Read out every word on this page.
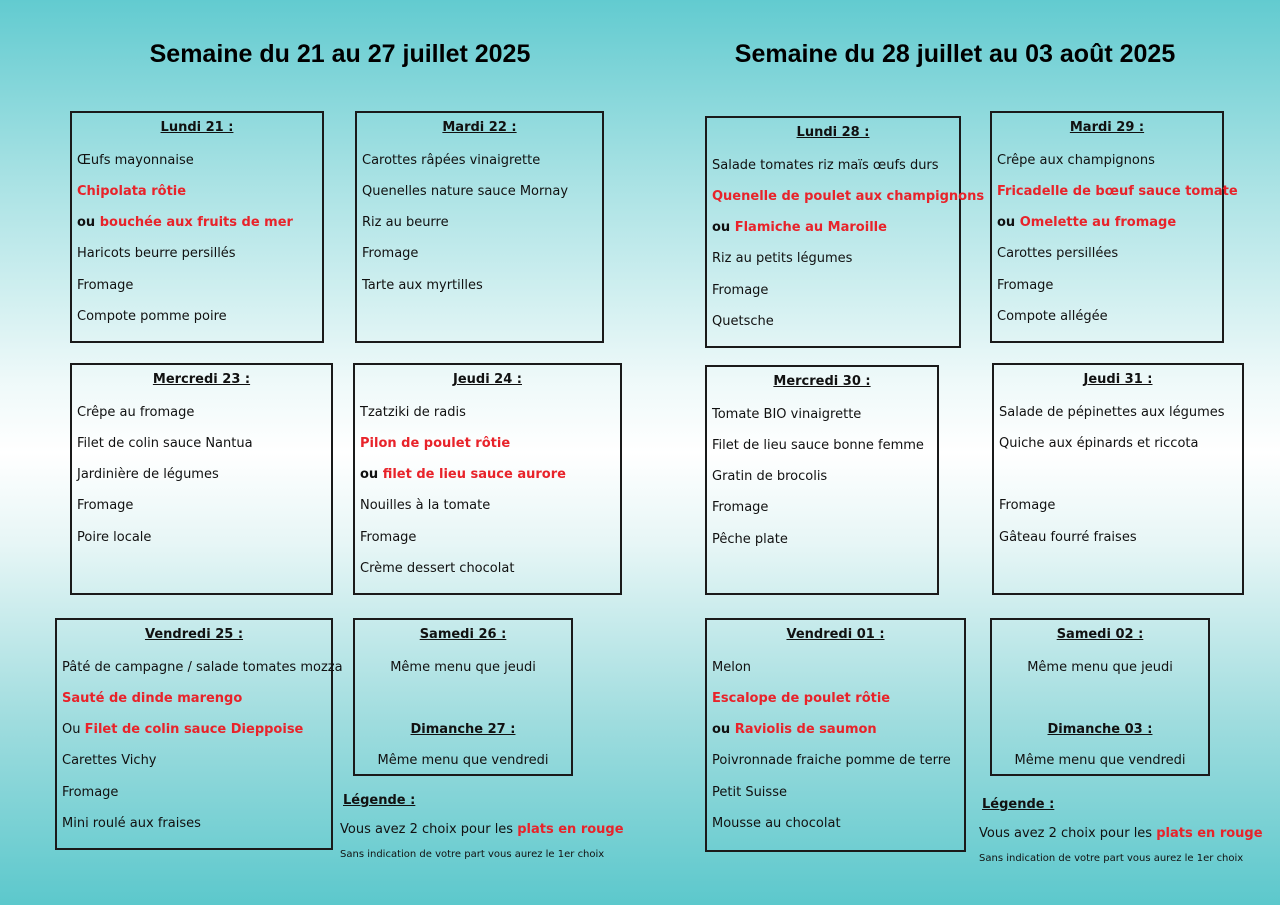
Semaine du 21 au 27 juillet 2025	Semaine du 28 juillet au 03 août 2025
Lundi 21 :
Œufs mayonnaise
Chipolata rôtie
ou bouchée aux fruits de mer
Haricots beurre persillés
Fromage
Compote pomme poire
Mardi 22 :
Carottes râpées vinaigrette
Quenelles nature sauce Mornay
Riz au beurre
Fromage
Tarte aux myrtilles
Mercredi 23 :
Crêpe au fromage
Filet de colin sauce Nantua
Jardinière de légumes
Fromage
Poire locale
Jeudi 24 :
Tzatziki de radis
Pilon de poulet rôtie
ou filet de lieu sauce aurore
Nouilles à la tomate
Fromage
Crème dessert chocolat
Vendredi 25 :
Pâté de campagne / salade tomates mozza
Sauté de dinde marengo
Ou Filet de colin sauce Dieppoise
Carettes Vichy
Fromage
Mini roulé aux fraises
Samedi 26 :
Même menu que jeudi
Dimanche 27 :
Même menu que vendredi
Légende :
Vous avez 2 choix pour les plats en rouge
Sans indication de votre part vous aurez le 1er choix
Lundi 28 :
Salade tomates riz maïs œufs durs
Quenelle de poulet aux champignons
ou Flamiche au Maroille
Riz au petits légumes
Fromage
Quetsche
Mardi 29 :
Crêpe aux champignons
Fricadelle de bœuf sauce tomate
ou Omelette au fromage
Carottes persillées
Fromage
Compote allégée
Mercredi 30 :
Tomate BIO vinaigrette
Filet de lieu sauce bonne femme
Gratin de brocolis
Fromage
Pêche plate
Jeudi 31 :
Salade de pépinettes aux légumes
Quiche aux épinards et riccota
Fromage
Gâteau fourré fraises
Vendredi 01 :
Melon
Escalope de poulet rôtie
ou Raviolis de saumon
Poivronnade fraiche pomme de terre
Petit Suisse
Mousse au chocolat
Samedi 02 :
Même menu que jeudi
Dimanche 03 :
Même menu que vendredi
Légende :
Vous avez 2 choix pour les plats en rouge
Sans indication de votre part vous aurez le 1er choix
